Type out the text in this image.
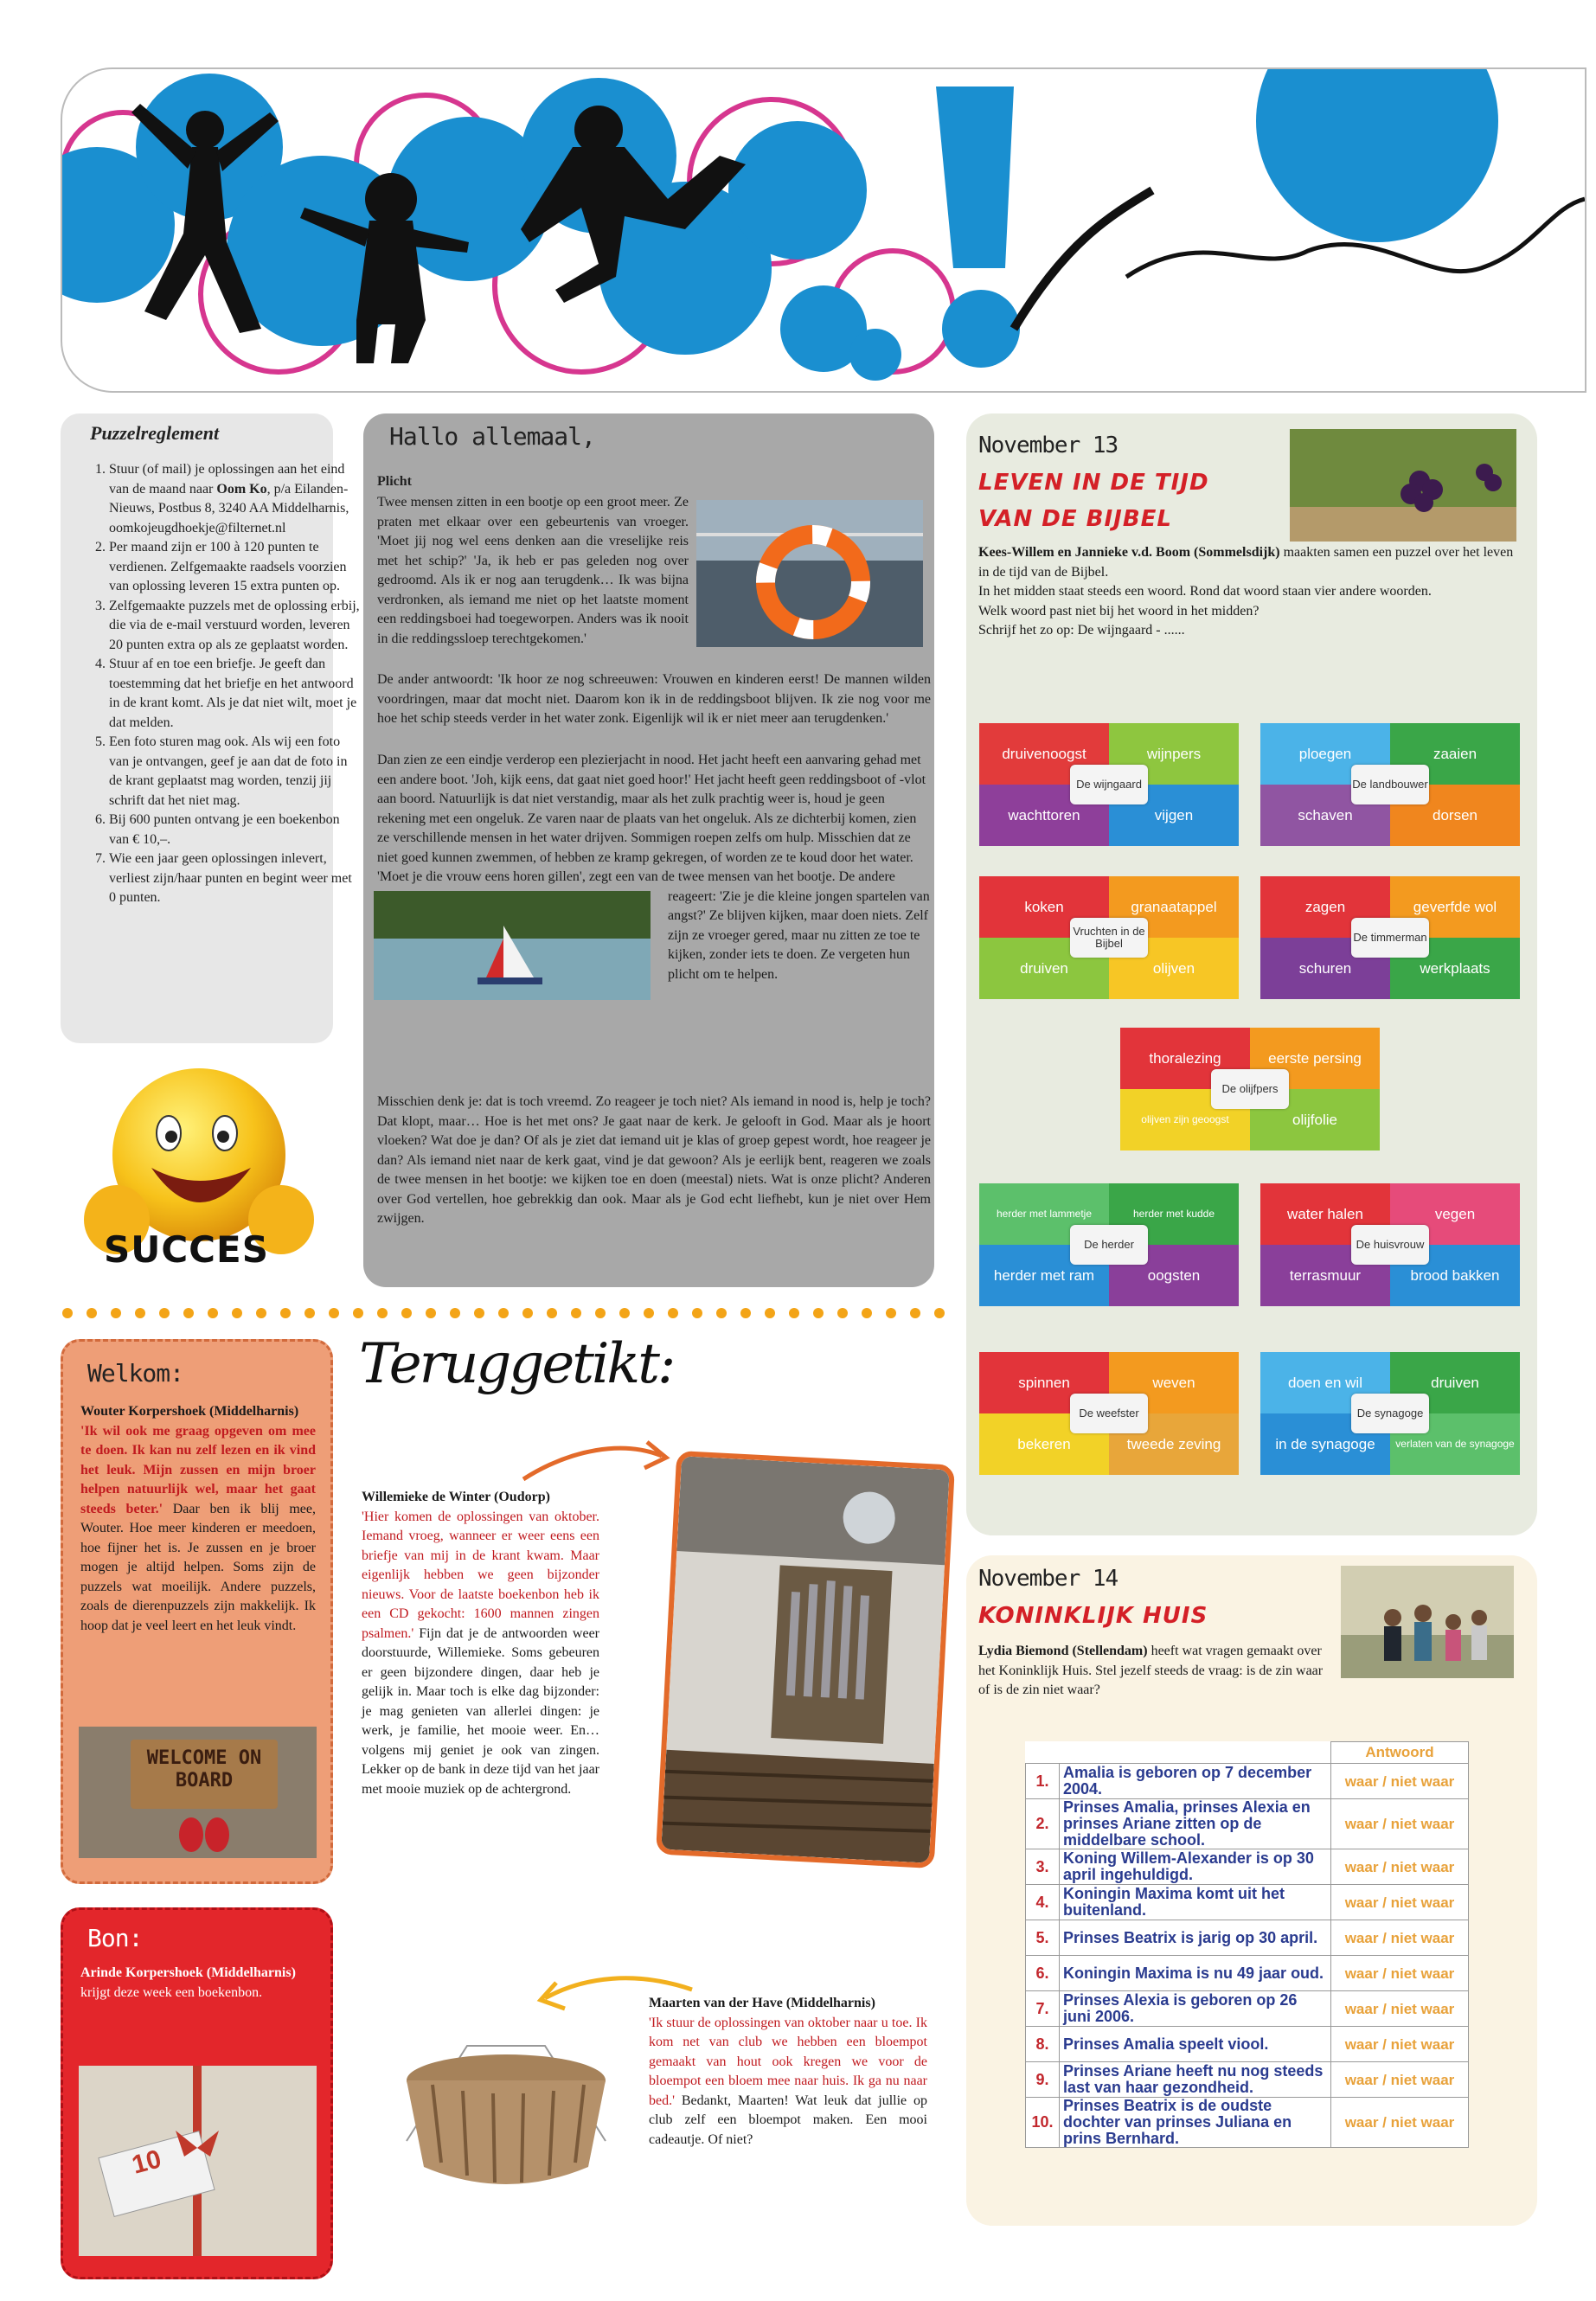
Puzzelreglement
1. Stuur (of mail) je oplossingen aan het eind van de maand naar Oom Ko, p/a Eilanden-Nieuws, Postbus 8, 3240 AA Middelharnis, oomkojeugdhoekje@filternet.nl
2. Per maand zijn er 100 à 120 punten te verdienen. Zelfgemaakte raadsels voorzien van oplossing leveren 15 extra punten op.
3. Zelfgemaakte puzzels met de oplossing erbij, die via de e-mail verstuurd worden, leveren 20 punten extra op als ze geplaatst worden.
4. Stuur af en toe een briefje. Je geeft dan toestemming dat het briefje en het antwoord in de krant komt. Als je dat niet wilt, moet je dat melden.
5. Een foto sturen mag ook. Als wij een foto van je ontvangen, geef je aan dat de foto in de krant geplaatst mag worden, tenzij jij schrift dat het niet mag.
6. Bij 600 punten ontvang je een boekenbon van € 10,–.
7. Wie een jaar geen oplossingen inlevert, verliest zijn/haar punten en begint weer met 0 punten.
SUCCES
Hallo allemaal,
Plicht

Twee mensen zitten in een bootje op een groot meer. Ze praten met elkaar over een gebeurtenis van vroeger. 'Moet jij nog wel eens denken aan die vreselijke reis met het schip?' 'Ja, ik heb er pas geleden nog over gedroomd. Als ik er nog aan terugdenk… Ik was bijna verdronken, als iemand me niet op het laatste moment een reddingsboei had toegeworpen. Anders was ik nooit in die reddingssloep terechtgekomen.'

De ander antwoordt: 'Ik hoor ze nog schreeuwen: Vrouwen en kinderen eerst! De mannen wilden voordringen, maar dat mocht niet. Daarom kon ik in de reddingsboot blijven. Ik zie nog voor me hoe het schip steeds verder in het water zonk. Eigenlijk wil ik er niet meer aan terugdenken.'

Dan zien ze een eindje verderop een plezierjacht in nood. Het jacht heeft een aanvaring gehad met een andere boot. 'Joh, kijk eens, dat gaat niet goed hoor!' Het jacht heeft geen reddingsboot of -vlot aan boord. Natuurlijk is dat niet verstandig, maar als het zulk prachtig weer is, houd je geen rekening met een ongeluk. Ze varen naar de plaats van het ongeluk. Als ze dichterbij komen, zien ze verschillende mensen in het water drijven. Sommigen roepen zelfs om hulp. Misschien dat ze niet goed kunnen zwemmen, of hebben ze kramp gekregen, of worden ze te koud door het water. 'Moet je die vrouw eens horen gillen', zegt een van de twee mensen van het bootje. De andere reageert: 'Zie je die kleine jongen spartelen van angst?' Ze blijven kijken, maar doen niets. Zelf zijn ze vroeger gered, maar nu zitten ze toe te kijken, zonder iets te doen. Ze vergeten hun plicht om te helpen.

Misschien denk je: dat is toch vreemd. Zo reageer je toch niet? Als iemand in nood is, help je toch? Dat klopt, maar… Hoe is het met ons? Je gaat naar de kerk. Je gelooft in God. Maar als je hoort vloeken? Wat doe je dan? Of als je ziet dat iemand uit je klas of groep gepest wordt, hoe reageer je dan? Als iemand niet naar de kerk gaat, vind je dat gewoon? Als je eerlijk bent, reageren we zoals de twee mensen in het bootje: we kijken toe en doen (meestal) niets. Wat is onze plicht? Anderen over God vertellen, hoe gebrekkig dan ook. Maar als je God echt liefhebt, kun je niet over Hem zwijgen.

November 13
LEVEN IN DE TIJD
VAN DE BIJBEL
Kees-Willem en Jannieke v.d. Boom (Sommelsdijk) maakten samen een puzzel over het leven in de tijd van de Bijbel.
In het midden staat steeds een woord. Rond dat woord staan vier andere woorden.
Welk woord past niet bij het woord in het midden?
Schrijf het zo op: De wijngaard - ......
druivenoogst	wijnpers
wachttoren	vijgen
De wijngaard
ploegen	zaaien
schaven	dorsen
De landbouwer
koken	granaatappel
druiven	olijven
Vruchten in de Bijbel
zagen	geverfde wol
schuren	werkplaats
De timmerman
thoralezing	eerste persing
olijven zijn geoogst	olijfolie
De olijfpers
herder met lammetje	herder met kudde
herder met ram	oogsten
De herder
water halen	vegen
terrasmuur	brood bakken
De huisvrouw
spinnen	weven
bekeren	tweede zeving
De weefster
doen en wil	druiven
in de synagoge	verlaten van de synagoge
De synagoge
November 14
KONINKLIJK HUIS
Lydia Biemond (Stellendam) heeft wat vragen gemaakt over het Koninklijk Huis. Stel jezelf steeds de vraag: is de zin waar of is de zin niet waar?
		Antwoord
1.	Amalia is geboren op 7 december 2004.	waar / niet waar
2.	Prinses Amalia, prinses Alexia en prinses Ariane zitten op de middelbare school.	waar / niet waar
3.	Koning Willem-Alexander is op 30 april ingehuldigd.	waar / niet waar
4.	Koningin Maxima komt uit het buitenland.	waar / niet waar
5.	Prinses Beatrix is jarig op 30 april.	waar / niet waar
6.	Koningin Maxima is nu 49 jaar oud.	waar / niet waar
7.	Prinses Alexia is geboren op 26 juni 2006.	waar / niet waar
8.	Prinses Amalia speelt viool.	waar / niet waar
9.	Prinses Ariane heeft nu nog steeds last van haar gezondheid.	waar / niet waar
10.	Prinses Beatrix is de oudste dochter van prinses Juliana en prins Bernhard.	waar / niet waar
Welkom:
Wouter Korpershoek (Middelharnis)
'Ik wil ook me graag opgeven om mee te doen. Ik kan nu zelf lezen en ik vind het leuk. Mijn zussen en mijn broer helpen natuurlijk wel, maar het gaat steeds beter.' Daar ben ik blij mee, Wouter. Hoe meer kinderen er meedoen, hoe fijner het is. Je zussen en je broer mogen je altijd helpen. Soms zijn de puzzels wat moeilijk. Andere puzzels, zoals de dierenpuzzels zijn makkelijk. Ik hoop dat je veel leert en het leuk vindt.
WELCOME ON BOARD
Bon:
Arinde Korpershoek (Middelharnis) krijgt deze week een boekenbon.
10
Teruggetikt:
Willemieke de Winter (Oudorp)
'Hier komen de oplossingen van oktober. Iemand vroeg, wanneer er weer eens een briefje van mij in de krant kwam. Maar eigenlijk hebben we geen bijzonder nieuws. Voor de laatste boekenbon heb ik een CD gekocht: 1600 mannen zingen psalmen.' Fijn dat je de antwoorden weer doorstuurde, Willemieke. Soms gebeuren er geen bijzondere dingen, daar heb je gelijk in. Maar toch is elke dag bijzonder: je mag genieten van allerlei dingen: je werk, je familie, het mooie weer. En… volgens mij geniet je ook van zingen. Lekker op de bank in deze tijd van het jaar met mooie muziek op de achtergrond.
Maarten van der Have (Middelharnis)
'Ik stuur de oplossingen van oktober naar u toe. Ik kom net van club we hebben een bloempot gemaakt van hout ook kregen we voor de bloempot een bloem mee naar huis. Ik ga nu naar bed.' Bedankt, Maarten! Wat leuk dat jullie op club zelf een bloempot maken. Een mooi cadeautje. Of niet?
